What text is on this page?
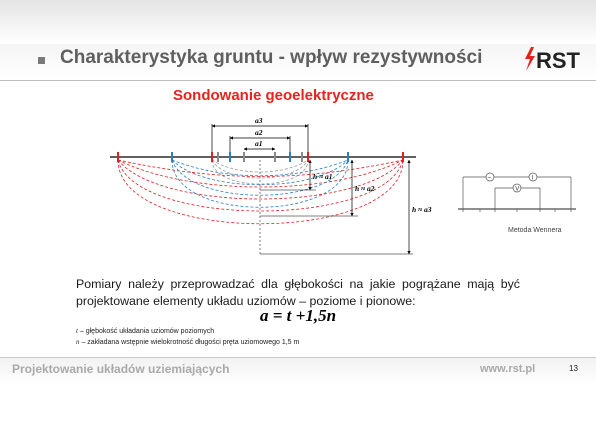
Charakterystyka gruntu - wpływ rezystywności RST
Sondowanie geoelektryczne
a3
a2
a1
h ≈ a1
h ≈ a2
h ≈ a3
~	I
V
Metoda Wennera
Pomiary należy przeprowadzać dla głębokości na jakie pogrążane mają być projektowane elementy układu uziomów – poziome i pionowe:
a = t +1,5n
t – głębokość układania uziomów poziomych
n – zakładana wstępnie wielokrotność długości pręta uziomowego 1,5 m
Projektowanie układów uziemiających	www.rst.pl	13
